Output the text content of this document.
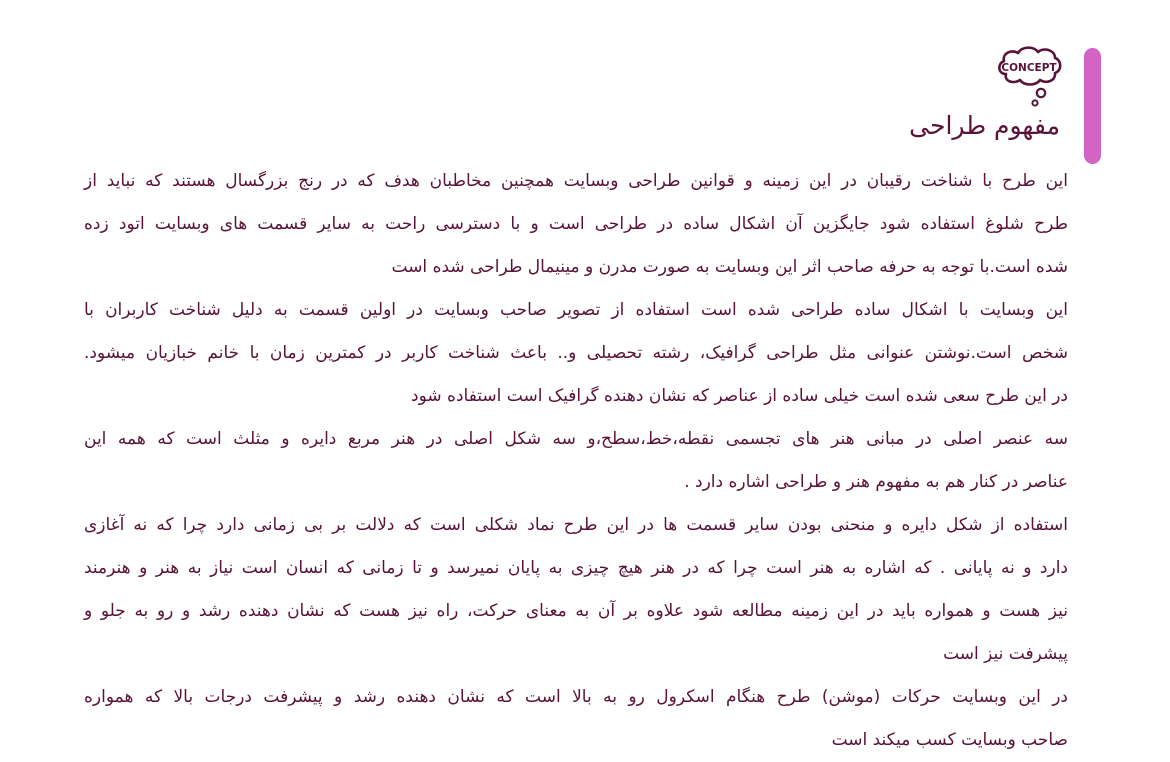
CONCEPT
مفهوم طراحی
این طرح با شناخت رقیبان در این زمینه و قوانین طراحی وبسایت همچنین مخاطبان هدف که در رنج بزرگسال هستند که نباید از
طرح شلوغ استفاده شود جایگزین آن اشکال ساده در طراحی است و با دسترسی راحت به سایر قسمت های وبسایت اتود زده
شده است.با توجه به حرفه صاحب اثر این وبسایت به صورت مدرن و مینیمال طراحی شده است
این وبسایت با اشکال ساده طراحی شده است استفاده از تصویر صاحب وبسایت در اولین قسمت به دلیل شناخت کاربران با
شخص است.نوشتن عنوانی مثل طراحی گرافیک، رشته تحصیلی و.. باعث شناخت کاربر در کمترین زمان با خانم خبازیان میشود.
در این طرح سعی شده است خیلی ساده از عناصر که نشان دهنده گرافیک است استفاده شود
سه عنصر اصلی در مبانی هنر های تجسمی نقطه،خط،سطح،و سه شکل اصلی در هنر مربع دایره و مثلث است که همه این
عناصر در کنار هم به مفهوم هنر و طراحی اشاره دارد .
استفاده از شکل دایره و منحنی بودن سایر قسمت ها در این طرح نماد شکلی است که دلالت بر بی زمانی دارد چرا که نه آغازی
دارد و نه پایانی . که اشاره به هنر است چرا که در هنر هیچ چیزی به پایان نمیرسد و تا زمانی که انسان است نیاز به هنر و هنرمند
نیز هست و همواره باید در این زمینه مطالعه شود علاوه بر آن به معنای حرکت، راه نیز هست که نشان دهنده رشد و رو به جلو و
پیشرفت نیز است
در این وبسایت حرکات (موشن) طرح هنگام اسکرول رو به بالا است که نشان دهنده رشد و پیشرفت درجات بالا که همواره
صاحب وبسایت کسب میکند است
